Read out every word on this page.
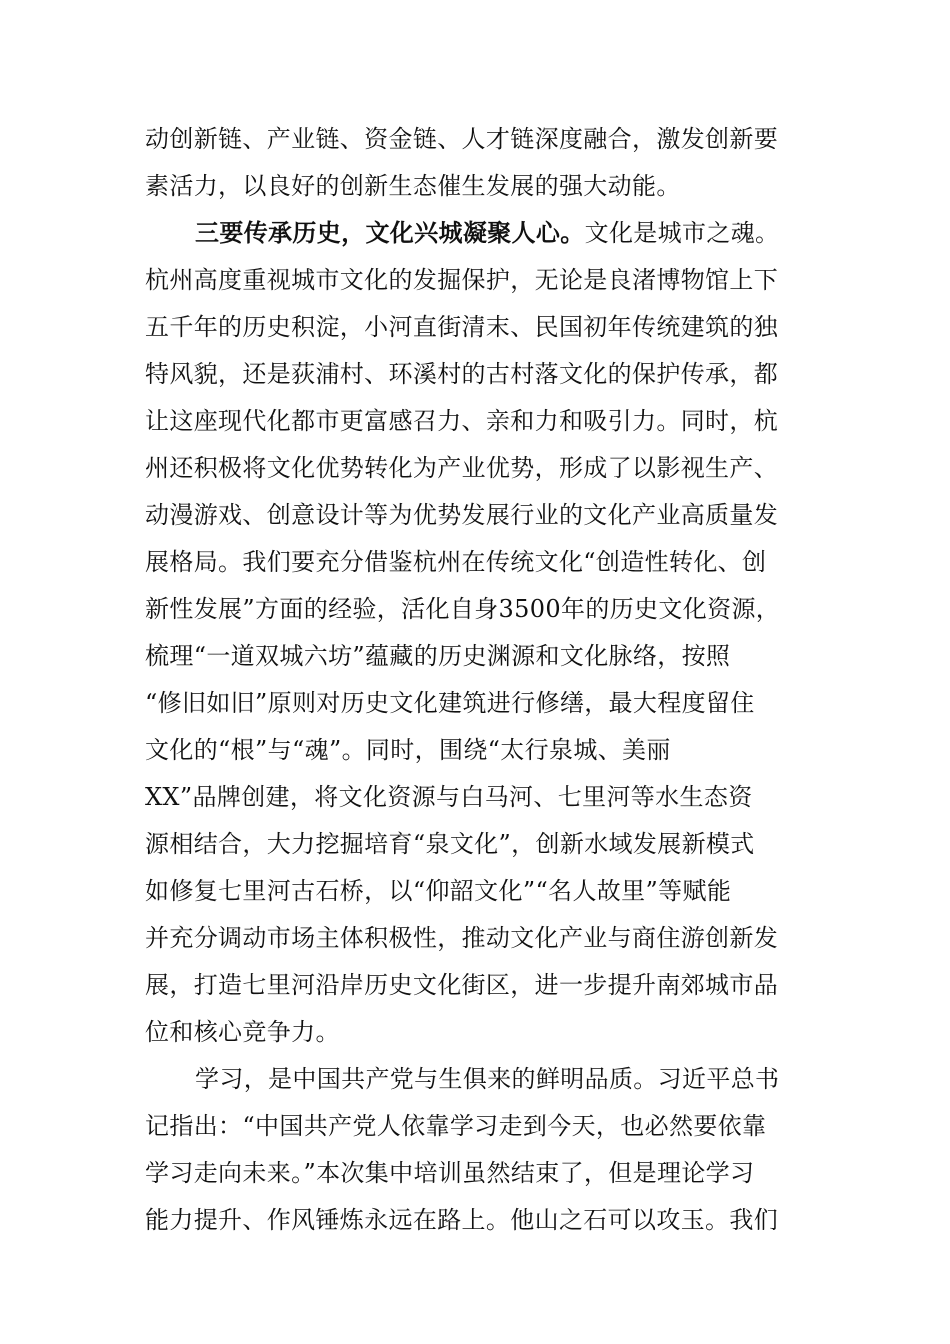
动创新链、产业链、资金链、人才链深度融合，激发创新要
素活力，以良好的创新生态催生发展的强大动能。
三要传承历史，文化兴城凝聚人心。文化是城市之魂。
杭州高度重视城市文化的发掘保护，无论是良渚博物馆上下
五千年的历史积淀，小河直街清末、民国初年传统建筑的独
特风貌，还是荻浦村、环溪村的古村落文化的保护传承，都
让这座现代化都市更富感召力、亲和力和吸引力。同时，杭
州还积极将文化优势转化为产业优势，形成了以影视生产、
动漫游戏、创意设计等为优势发展行业的文化产业高质量发
展格局。我们要充分借鉴杭州在传统文化“创造性转化、创
新性发展”方面的经验，活化自身3500年的历史文化资源，
梳理“一道双城六坊”蕴藏的历史渊源和文化脉络，按照
“修旧如旧”原则对历史文化建筑进行修缮，最大程度留住
文化的“根”与“魂”。同时，围绕“太行泉城、美丽
XX”品牌创建，将文化资源与白马河、七里河等水生态资
源相结合，大力挖掘培育“泉文化”，创新水域发展新模式
如修复七里河古石桥，以“仰韶文化”“名人故里”等赋能
并充分调动市场主体积极性，推动文化产业与商住游创新发
展，打造七里河沿岸历史文化街区，进一步提升南郊城市品
位和核心竞争力。
学习，是中国共产党与生俱来的鲜明品质。习近平总书
记指出：“中国共产党人依靠学习走到今天，也必然要依靠
学习走向未来。”本次集中培训虽然结束了，但是理论学习
能力提升、作风锤炼永远在路上。他山之石可以攻玉。我们
